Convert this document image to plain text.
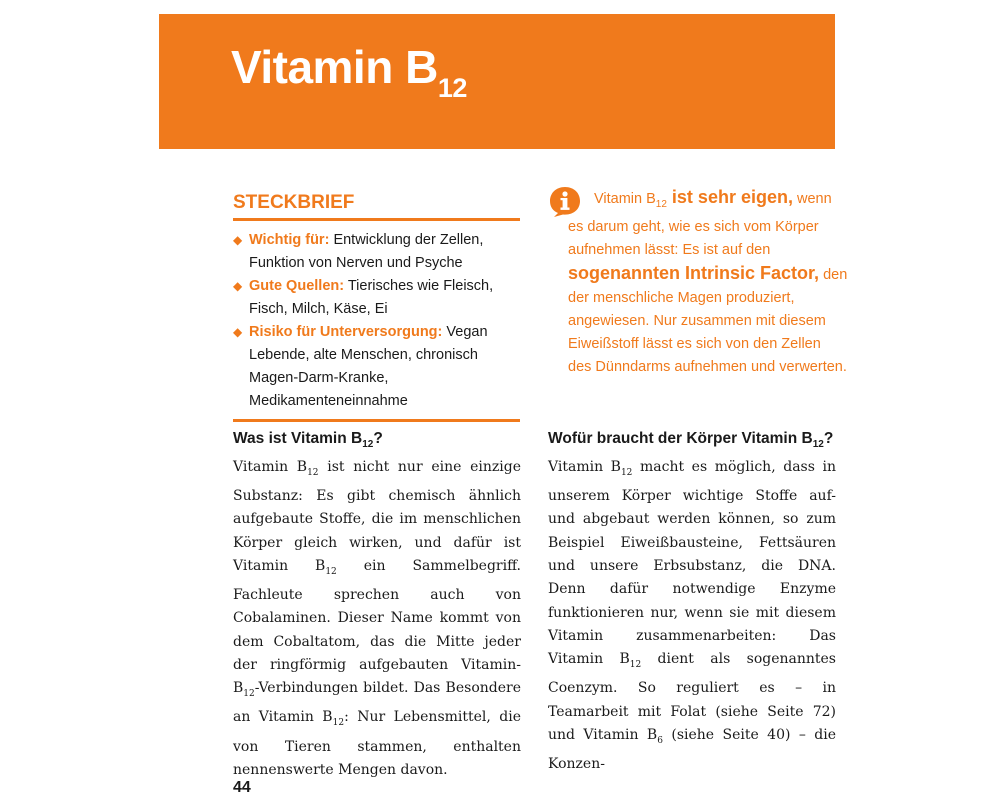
Vitamin $B_{12}$
STECKBRIEF
◆ Wichtig für: Entwicklung der Zellen, Funktion von Nerven und Psyche
◆ Gute Quellen: Tierisches wie Fleisch, Fisch, Milch, Käse, Ei
◆ Risiko für Unterversorgung: Vegan Lebende, alte Menschen, chronisch Magen-Darm-Kranke, Medikamenteneinnahme
Vitamin $B_{12}$ ist sehr eigen, wenn es darum geht, wie es sich vom Körper aufnehmen lässt: Es ist auf den sogenannten Intrinsic Factor, den der menschliche Magen produziert, angewiesen. Nur zusammen mit diesem Eiweißstoff lässt es sich von den Zellen des Dünndarms aufnehmen und verwerten.
Was ist Vitamin $B_{12}$?

Vitamin $B_{12}$ ist nicht nur eine einzige Substanz: Es gibt chemisch ähnlich aufgebaute Stoffe, die im menschlichen Körper gleich wirken, und dafür ist Vitamin $B_{12}$ ein Sammelbegriff. Fachleute sprechen auch von Cobalaminen. Dieser Name kommt von dem Cobaltatom, das die Mitte jeder der ringförmig aufgebauten Vitamin-$B_{12}$-Verbindungen bildet. Das Besondere an Vitamin $B_{12}$: Nur Lebensmittel, die von Tieren stammen, enthalten nennenswerte Mengen davon.

Wofür braucht der Körper Vitamin $B_{12}$?

Vitamin $B_{12}$ macht es möglich, dass in unserem Körper wichtige Stoffe auf- und abgebaut werden können, so zum Beispiel Eiweißbausteine, Fettsäuren und unsere Erbsubstanz, die DNA. Denn dafür notwendige Enzyme funktionieren nur, wenn sie mit diesem Vitamin zusammenarbeiten: Das Vitamin $B_{12}$ dient als sogenanntes Coenzym. So reguliert es – in Teamarbeit mit Folat (siehe Seite 72) und Vitamin $B_6$ (siehe Seite 40) – die Konzen-

44
